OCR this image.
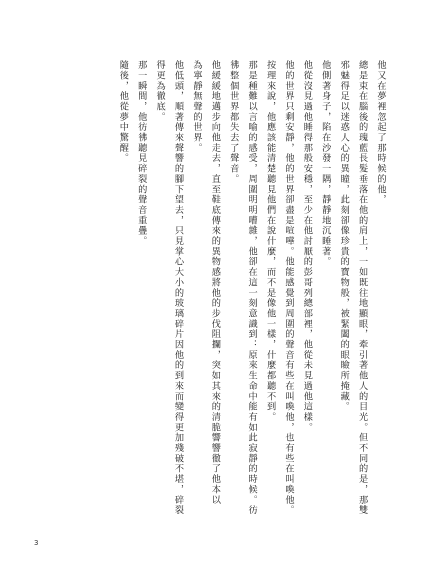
他又在夢裡忽起了那時候的他，

總是束在腦後的瑰藍長髮垂落在他的肩上，一如既往地顯眼，牽引著他人的目光。但不同的是，那雙

邪魅得足以迷惑人心的異瞳，此刻卻像珍貴的寶物般，被緊闔的眼瞼所掩藏。

他側著身子，陷在沙發一隅，靜靜地沉睡著。

他從沒見過他睡得那般安穩，至少在他討厭的彭哥列總部裡，他從未見過他這樣。

他的世界只剩安靜，他的世界卻盡是喧嘩。他能感覺到周圍的聲音有些在叫喚他，也有些在叫喚他。

按理來說，他應該能清楚聽見他們在說什麼，而不是像他一樣，什麼都聽不到。

那是種難以言喻的感受，周圍明明嘈雜，他卻在這一刻意識到：原來生命中能有如此寂靜的時候。彷

彿整個世界都失去了聲音。

他緩緩地邁步向他走去，直至鞋底傳來的異物感將他的步伐阻攔，突如其來的清脆響響徹了他本以

為寧靜無聲的世界。

他低頭，順著傳來聲響的腳下望去，只見掌心大小的玻璃碎片因他的到來而變得更加殘破不堪，碎裂

得更為徹底。

那一瞬間，他彷彿聽見碎裂的聲音重疊。

隨後，他從夢中驚醒。

3
